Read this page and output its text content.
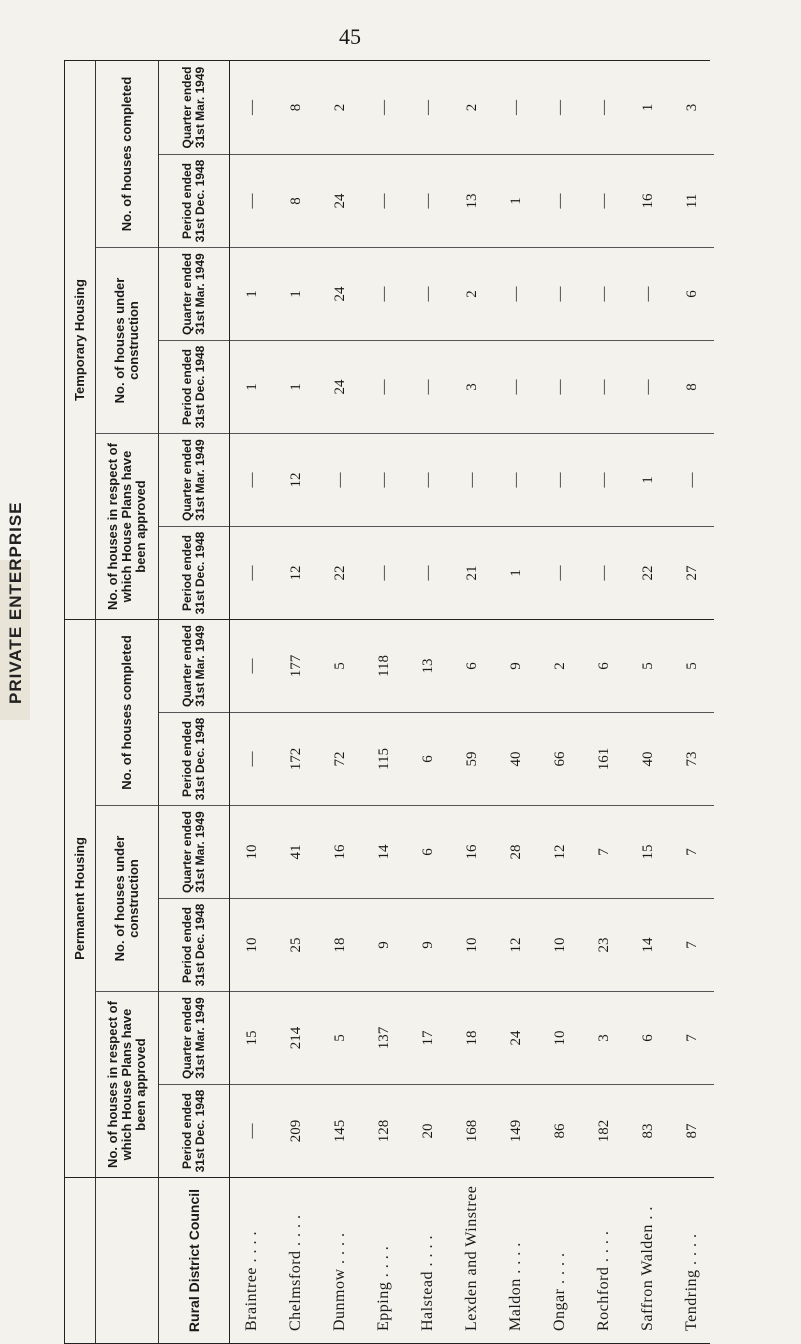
45
PRIVATE ENTERPRISE
Permanent Housing
Temporary Housing
No. of houses in respect of which House Plans have been approved
No. of houses under construction
No. of houses completed
No. of houses in respect of which House Plans have been approved
No. of houses under construction
No. of houses completed
Rural District Council
Period ended 31st Dec. 1948
Quarter ended 31st Mar. 1949
Period ended 31st Dec. 1948
Quarter ended 31st Mar. 1949
Period ended 31st Dec. 1948
Quarter ended 31st Mar. 1949
Period ended 31st Dec. 1948
Quarter ended 31st Mar. 1949
Period ended 31st Dec. 1948
Quarter ended 31st Mar. 1949
Period ended 31st Dec. 1948
Quarter ended 31st Mar. 1949
Braintree . . . .
—
15
10
10
—
—
—
—
1
1
—
—
Chelmsford . . . .
209
214
25
41
172
177
12
12
1
1
8
8
Dunmow . . . .
145
5
18
16
72
5
22
—
24
24
24
2
Epping . . . .
128
137
9
14
115
118
—
—
—
—
—
—
Halstead . . . .
20
17
9
6
6
13
—
—
—
—
—
—
Lexden and Winstree
168
18
10
16
59
6
21
—
3
2
13
2
Maldon . . . .
149
24
12
28
40
9
1
—
—
—
1
—
Ongar . . . .
86
10
10
12
66
2
—
—
—
—
—
—
Rochford . . . .
182
3
23
7
161
6
—
—
—
—
—
—
Saffron Walden . .
83
6
14
15
40
5
22
1
—
—
16
1
Tendring . . . .
87
7
7
7
73
5
27
—
8
6
11
3
